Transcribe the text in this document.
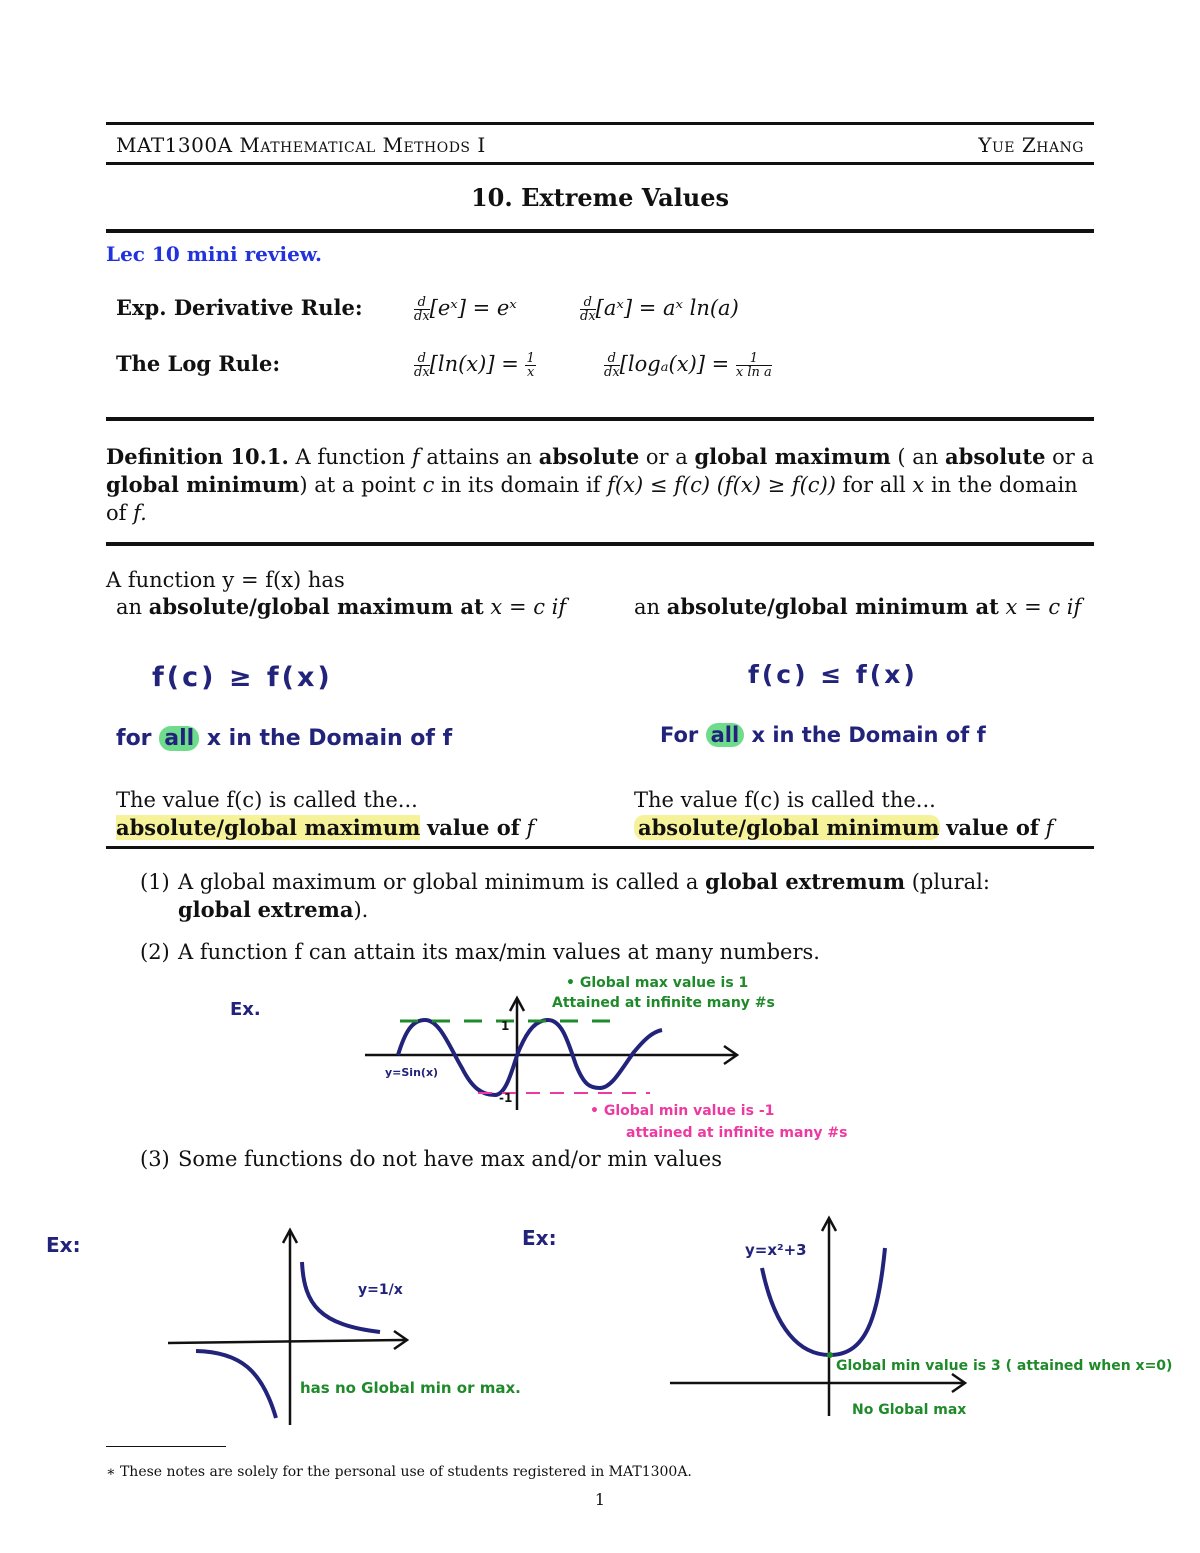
MAT1300A Mathematical Methods I	Yue Zhang
10. Extreme Values
Lec 10 mini review.
Exp. Derivative Rule:	$\frac{d}{dx}$ [eˣ] = eˣ	$\frac{d}{dx}$ [aˣ] = aˣ ln(a)
The Log Rule:	$\frac{d}{dx} [\ln(x)] = \frac{1}{x}$	$\frac{d}{dx} [\log_a(x)] = \frac{1}{\text{x ln a}}$
Definition 10.1. A function f attains an absolute or a global maximum ( an absolute or a global minimum) at a point c in its domain if f(x) ≤ f(c) (f(x) ≥ f(c)) for all x in the domain of f.
A function y = f(x) has
an absolute/global maximum at x = c if	an absolute/global minimum at x = c if
f(c) ≥ f(x)	f(c) ≤ f(x)
for all x in the Domain of f	For all x in the Domain of f
The value f(c) is called the...	The value f(c) is called the...
absolute/global maximum value of f	absolute/global minimum value of f
(1) A global maximum or global minimum is called a global extremum (plural: global extrema).
(2) A function f can attain its max/min values at many numbers.
Ex.
1
-1
y=Sin(x)
• Global max value is 1
Attained at infinite many #s
• Global min value is -1
attained at infinite many #s
(3) Some functions do not have max and/or min values
Ex:
y=1/x
has no Global min or max.
Ex:	y=x²+3
Global min value is 3 ( attained when x=0)
No Global max
∗ These notes are solely for the personal use of students registered in MAT1300A.
1
